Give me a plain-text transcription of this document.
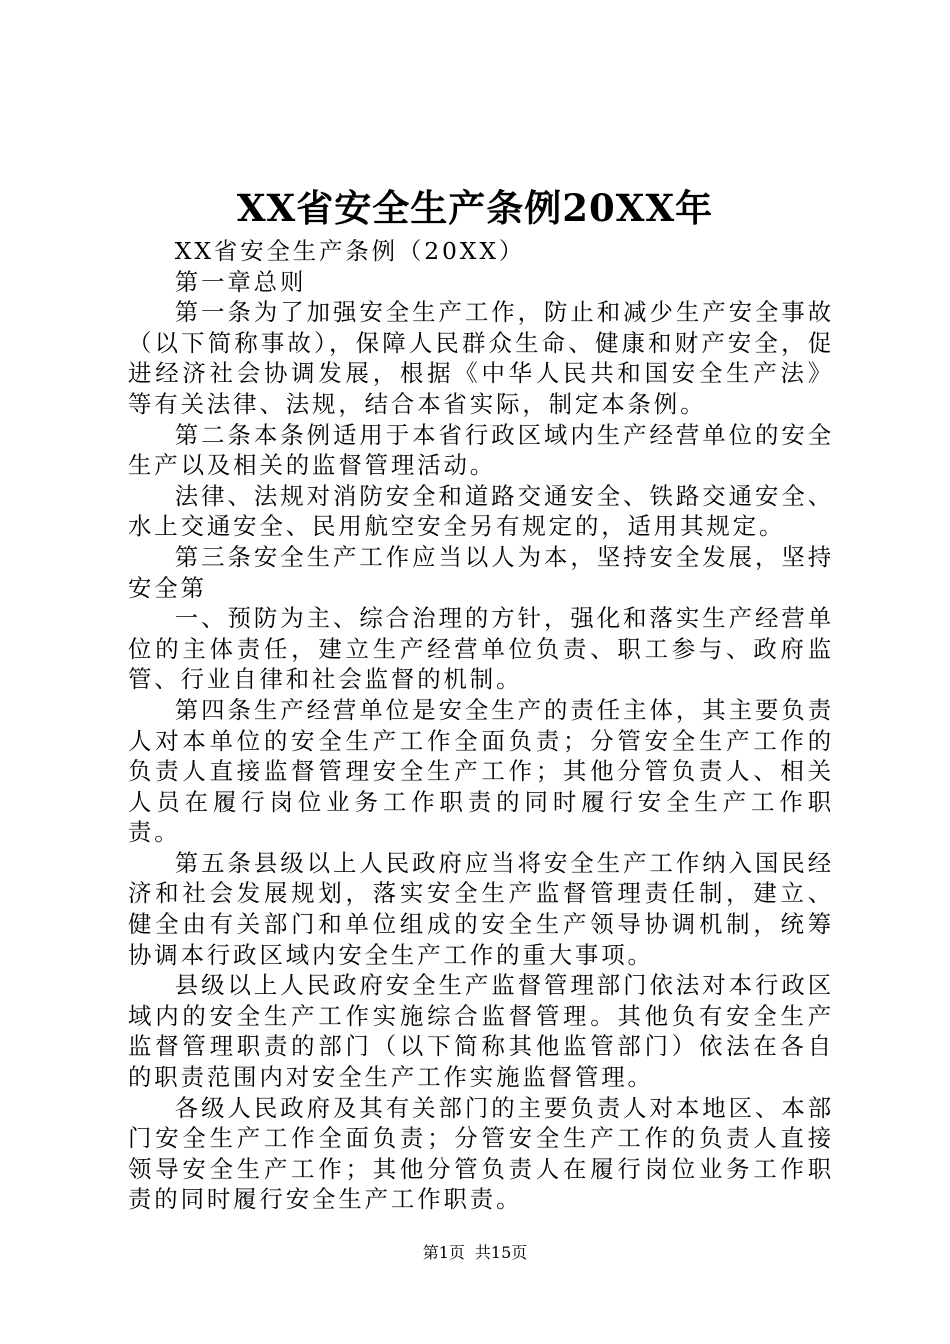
XX省安全生产条例20XX年

XX省安全生产条例（20XX）

第一章总则

第一条为了加强安全生产工作，防止和减少生产安全事故（以下简称事故），保障人民群众生命、健康和财产安全，促进经济社会协调发展，根据《中华人民共和国安全生产法》等有关法律、法规，结合本省实际，制定本条例。

第二条本条例适用于本省行政区域内生产经营单位的安全生产以及相关的监督管理活动。

法律、法规对消防安全和道路交通安全、铁路交通安全、水上交通安全、民用航空安全另有规定的，适用其规定。

第三条安全生产工作应当以人为本，坚持安全发展，坚持安全第

一、预防为主、综合治理的方针，强化和落实生产经营单位的主体责任，建立生产经营单位负责、职工参与、政府监管、行业自律和社会监督的机制。

第四条生产经营单位是安全生产的责任主体，其主要负责人对本单位的安全生产工作全面负责；分管安全生产工作的负责人直接监督管理安全生产工作；其他分管负责人、相关人员在履行岗位业务工作职责的同时履行安全生产工作职责。

第五条县级以上人民政府应当将安全生产工作纳入国民经济和社会发展规划，落实安全生产监督管理责任制，建立、健全由有关部门和单位组成的安全生产领导协调机制，统筹协调本行政区域内安全生产工作的重大事项。

县级以上人民政府安全生产监督管理部门依法对本行政区域内的安全生产工作实施综合监督管理。其他负有安全生产监督管理职责的部门（以下简称其他监管部门）依法在各自的职责范围内对安全生产工作实施监督管理。

各级人民政府及其有关部门的主要负责人对本地区、本部门安全生产工作全面负责；分管安全生产工作的负责人直接领导安全生产工作；其他分管负责人在履行岗位业务工作职责的同时履行安全生产工作职责。

第1页 共15页
